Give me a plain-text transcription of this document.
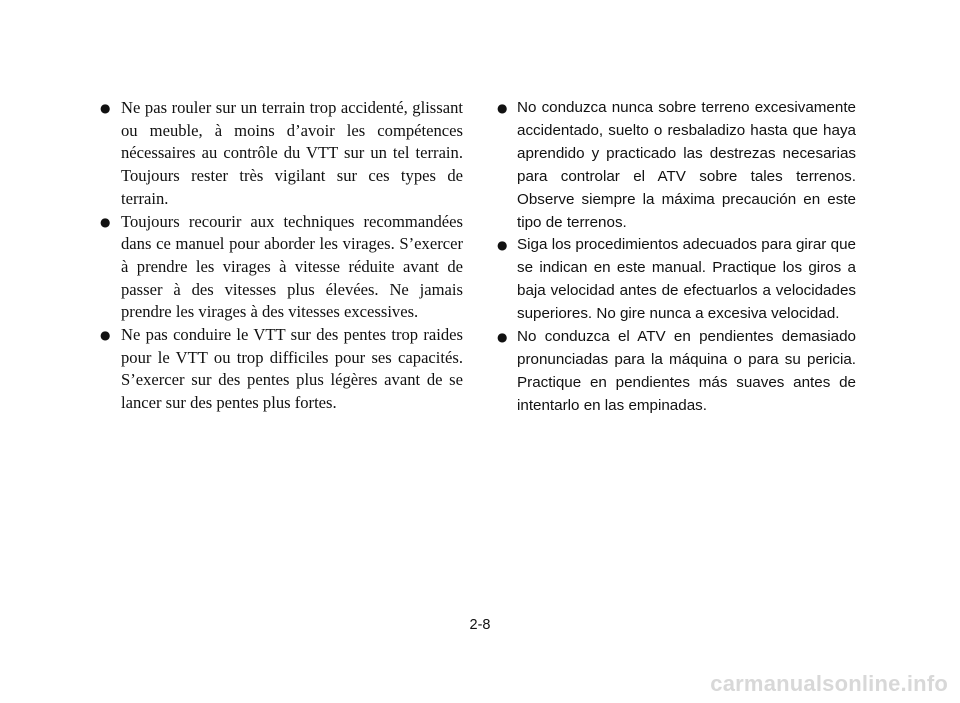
● Ne pas rouler sur un terrain trop accidenté, glissant ou meuble, à moins d’avoir les compétences nécessaires au contrôle du VTT sur un tel terrain. Toujours rester très vigilant sur ces types de terrain.
● Toujours recourir aux techniques recommandées dans ce manuel pour aborder les virages. S’exercer à prendre les virages à vitesse réduite avant de passer à des vitesses plus élevées. Ne jamais prendre les virages à des vitesses excessives.
● Ne pas conduire le VTT sur des pentes trop raides pour le VTT ou trop difficiles pour ses capacités. S’exercer sur des pentes plus légères avant de se lancer sur des pentes plus fortes.
● No conduzca nunca sobre terreno excesivamente accidentado, suelto o resbaladizo hasta que haya aprendido y practicado las destrezas necesarias para controlar el ATV sobre tales terrenos. Observe siempre la máxima precaución en este tipo de terrenos.
● Siga los procedimientos adecuados para girar que se indican en este manual. Practique los giros a baja velocidad antes de efectuarlos a velocidades superiores. No gire nunca a excesiva velocidad.
● No conduzca el ATV en pendientes demasiado pronunciadas para la máquina o para su pericia. Practique en pendientes más suaves antes de intentarlo en las empinadas.
2-8
carmanualsonline.info
